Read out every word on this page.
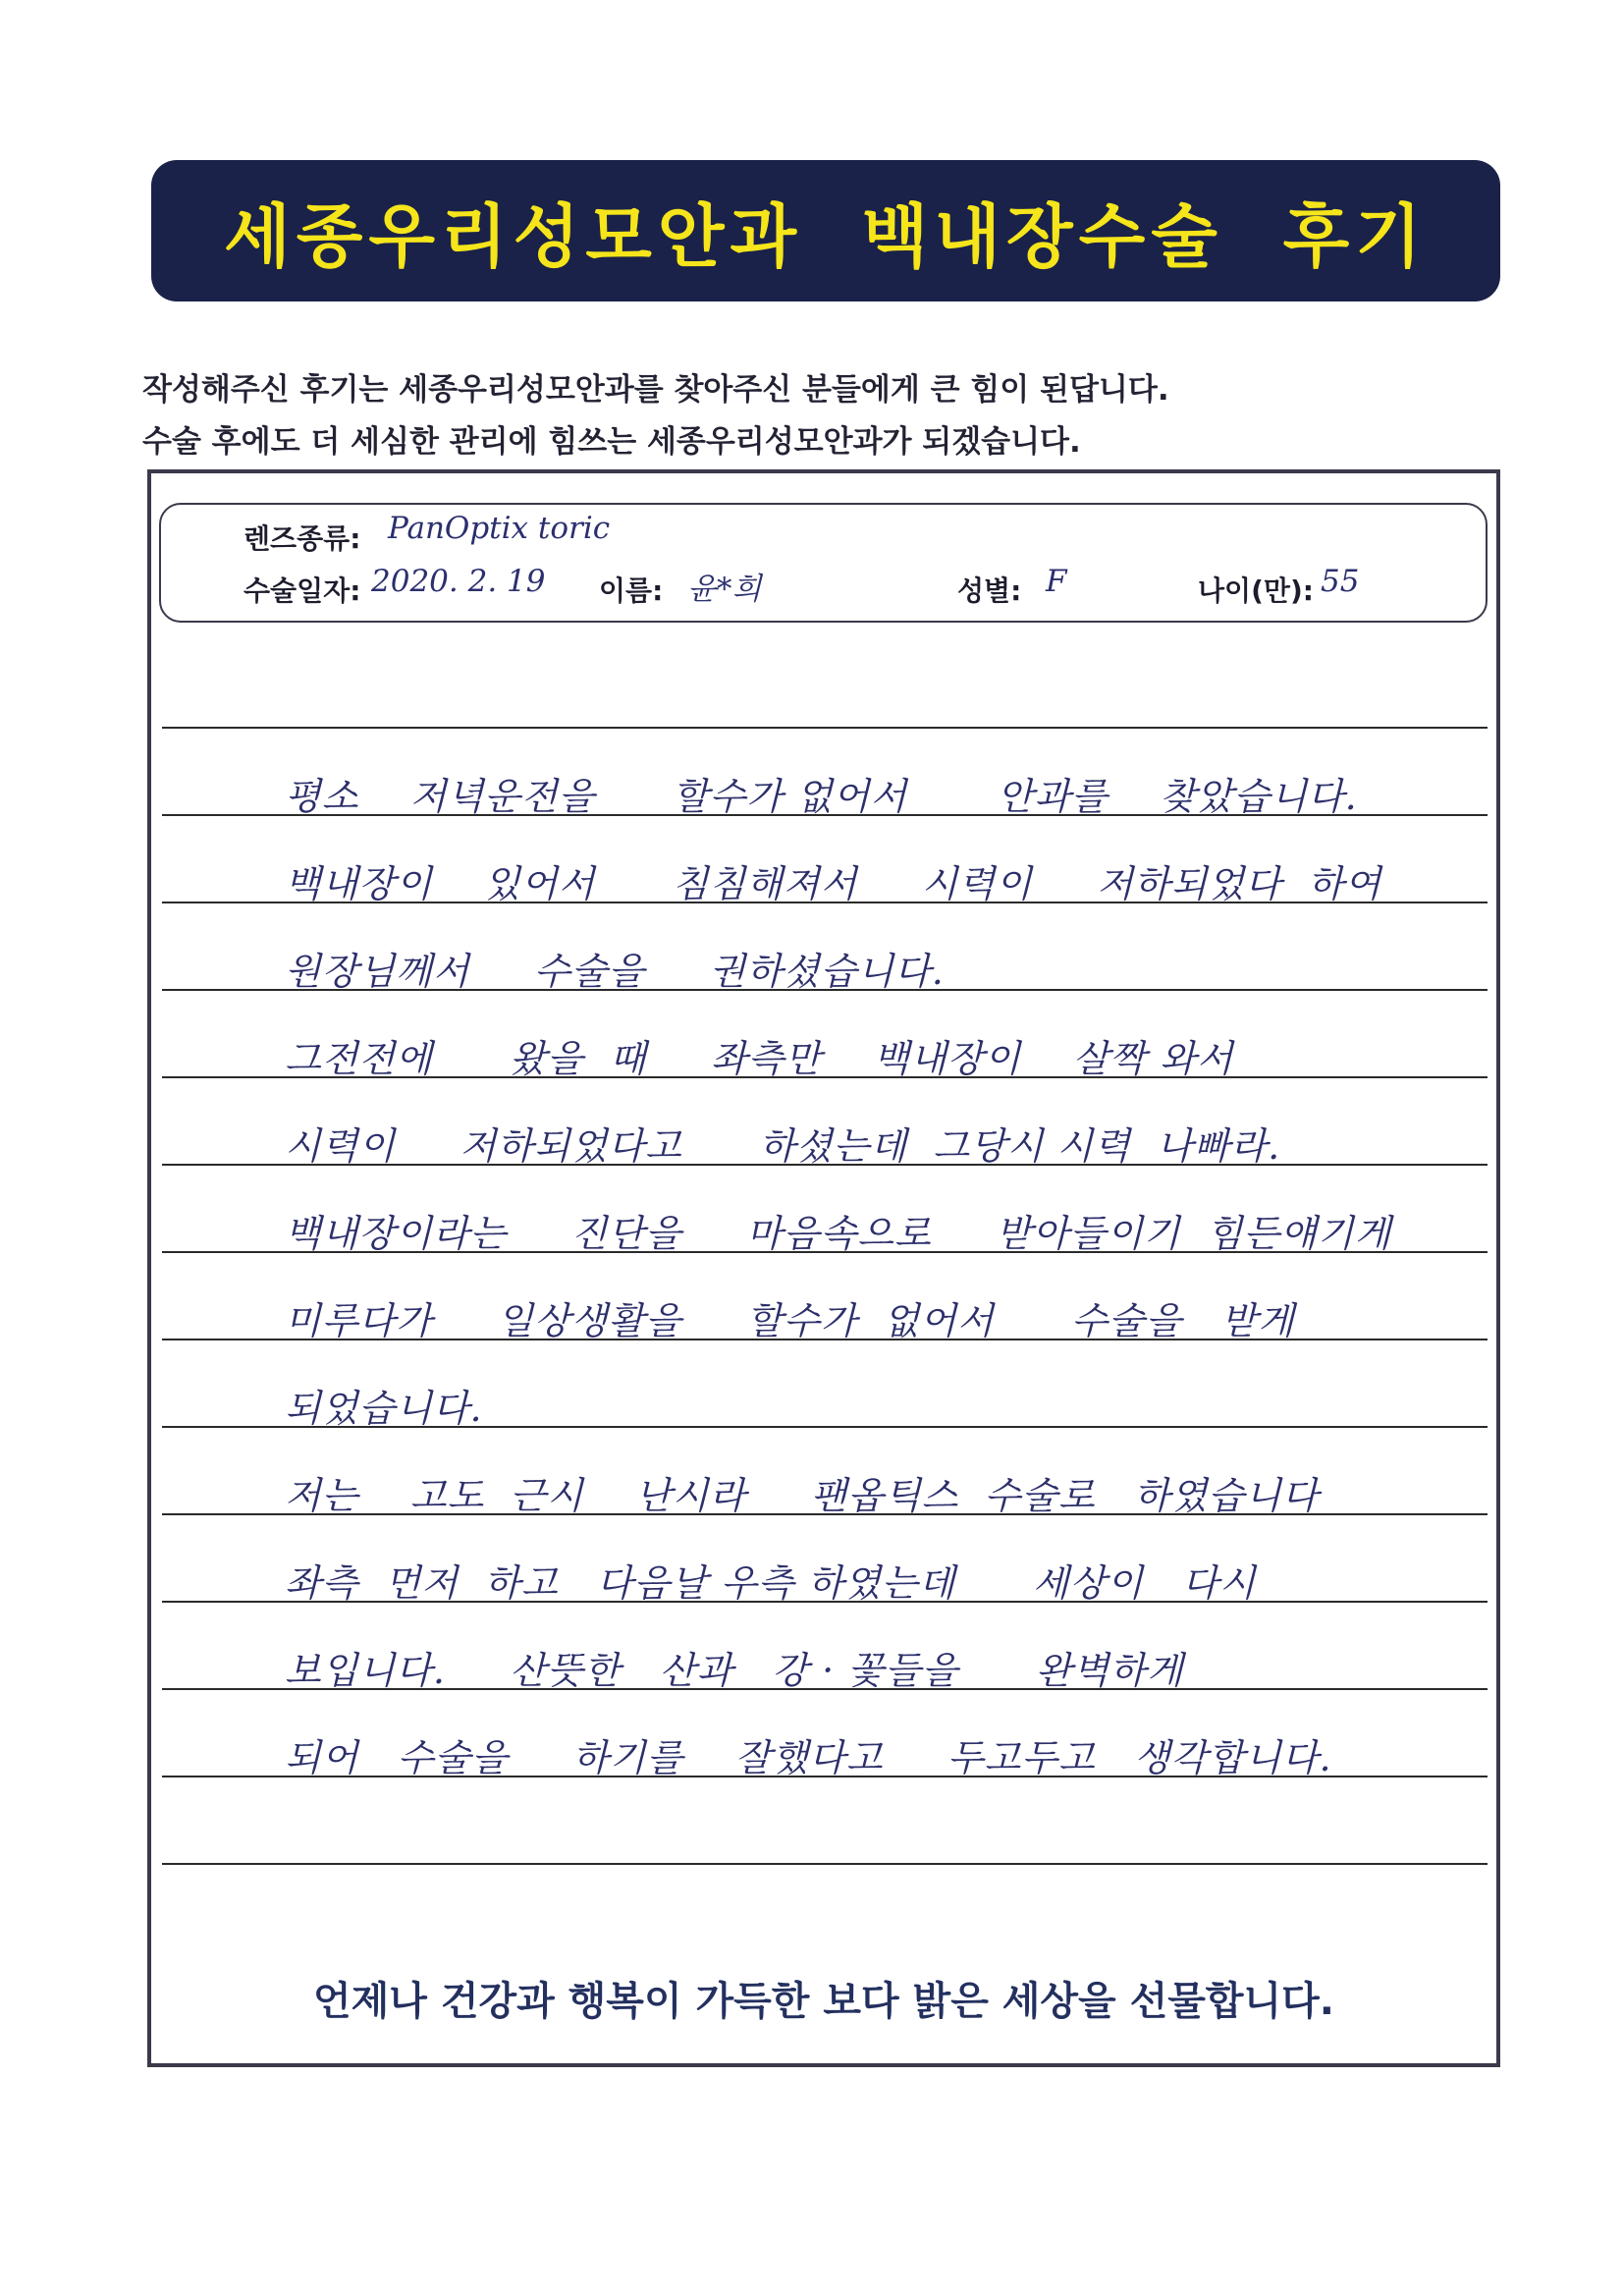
세종우리성모안과  백내장수술  후기
작성해주신 후기는 세종우리성모안과를 찾아주신 분들에게 큰 힘이 된답니다.
수술 후에도 더 세심한 관리에 힘쓰는 세종우리성모안과가 되겠습니다.
렌즈종류: PanOptix toric
수술일자: 2020. 2. 19 이름: 윤*희	성별: F	나이(만): 55
평소    저녁운전을      할수가 없어서       안과를    찾았습니다.
백내장이    있어서      침침해져서     시력이     저하되었다  하여
원장님께서     수술을     권하셨습니다.
그전전에      왔을  때     좌측만    백내장이    살짝 와서
시력이     저하되었다고      하셨는데  그당시 시력  나빠라.
백내장이라는     진단을     마음속으로     받아들이기  힘든얘기게
미루다가     일상생활을     할수가  없어서      수술을   받게
되었습니다.
저는    고도  근시    난시라     팬옵틱스  수술로   하였습니다
좌측  먼저  하고   다음날 우측 하였는데      세상이   다시
보입니다.     산뜻한   산과   강 · 꽃들을      완벽하게
되어   수술을     하기를    잘했다고     두고두고   생각합니다.
언제나 건강과 행복이 가득한 보다 밝은 세상을 선물합니다.
